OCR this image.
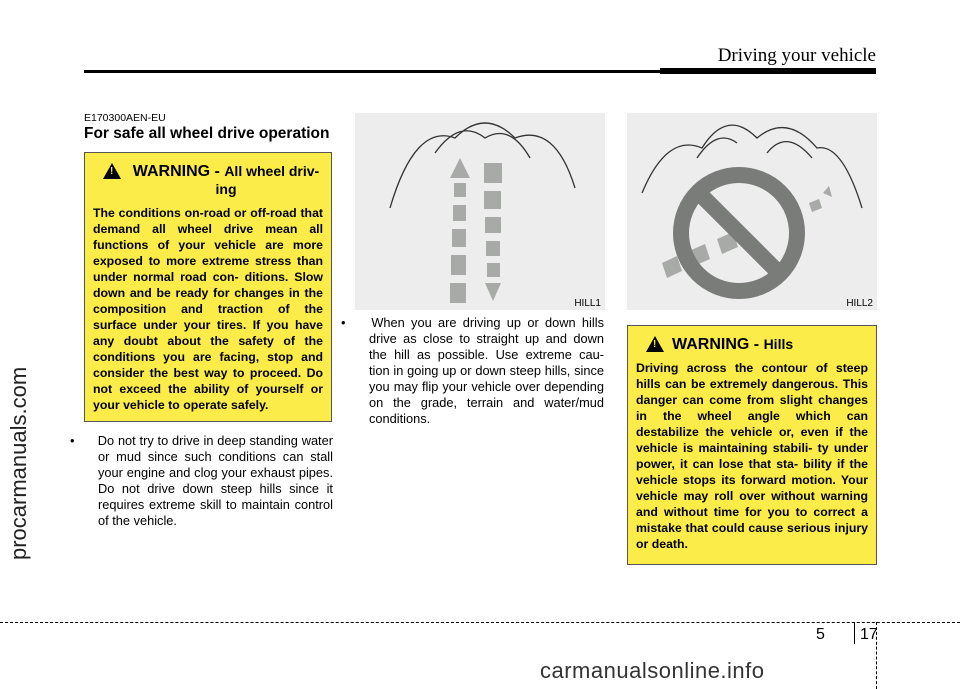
Driving your vehicle
procarmanuals.com
E170300AEN-EU
For safe all wheel drive operation
! WARNING - All wheel driv- ing
The conditions on-road or off-road that demand all wheel drive mean all functions of your vehicle are more exposed to more extreme stress than under normal road con- ditions. Slow down and be ready for changes in the composition and traction of the surface under your tires. If you have any doubt about the safety of the conditions you are facing, stop and consider the best way to proceed. Do not exceed the ability of yourself or your vehicle to operate safely.
• Do not try to drive in deep standing water or mud since such conditions can stall your engine and clog your exhaust pipes. Do not drive down steep hills since it requires extreme skill to maintain control of the vehicle.
HILL1
• When you are driving up or down hills drive as close to straight up and down the hill as possible. Use extreme cau- tion in going up or down steep hills, since you may flip your vehicle over depending on the grade, terrain and water/mud conditions.
HILL2
! WARNING - Hills
Driving across the contour of steep hills can be extremely dangerous. This danger can come from slight changes in the wheel angle which can destabilize the vehicle or, even if the vehicle is maintaining stabili- ty under power, it can lose that sta- bility if the vehicle stops its forward motion. Your vehicle may roll over without warning and without time for you to correct a mistake that could cause serious injury or death.
5 17
carmanualsonline.info
